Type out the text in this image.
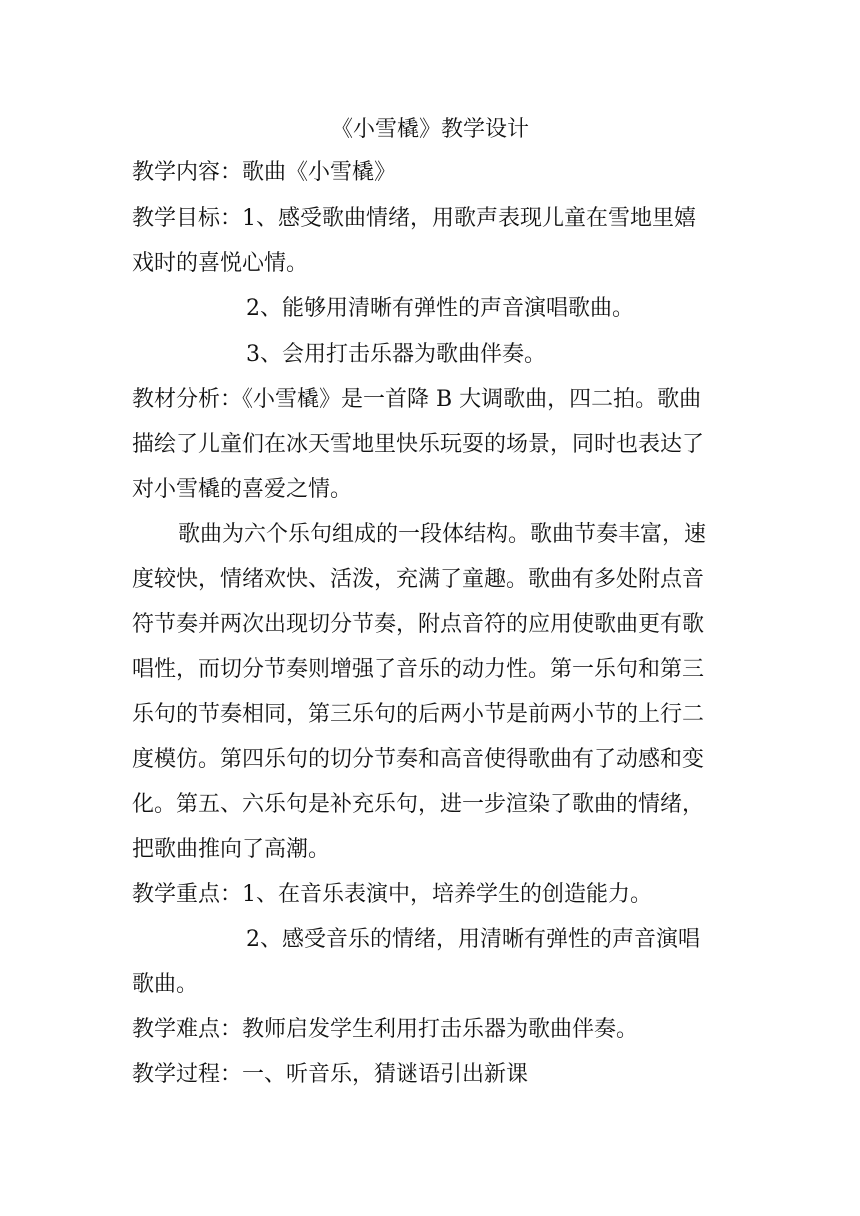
《小雪橇》教学设计
教学内容：歌曲《小雪橇》
教学目标：1、感受歌曲情绪，用歌声表现儿童在雪地里嬉
戏时的喜悦心情。
2、能够用清晰有弹性的声音演唱歌曲。
3、会用打击乐器为歌曲伴奏。
教材分析：《小雪橇》是一首降 B 大调歌曲，四二拍。歌曲
描绘了儿童们在冰天雪地里快乐玩耍的场景，同时也表达了
对小雪橇的喜爱之情。
歌曲为六个乐句组成的一段体结构。歌曲节奏丰富，速
度较快，情绪欢快、活泼，充满了童趣。歌曲有多处附点音
符节奏并两次出现切分节奏，附点音符的应用使歌曲更有歌
唱性，而切分节奏则增强了音乐的动力性。第一乐句和第三
乐句的节奏相同，第三乐句的后两小节是前两小节的上行二
度模仿。第四乐句的切分节奏和高音使得歌曲有了动感和变
化。第五、六乐句是补充乐句，进一步渲染了歌曲的情绪，
把歌曲推向了高潮。
教学重点：1、在音乐表演中，培养学生的创造能力。
2、感受音乐的情绪，用清晰有弹性的声音演唱
歌曲。
教学难点：教师启发学生利用打击乐器为歌曲伴奏。
教学过程：一、听音乐，猜谜语引出新课
